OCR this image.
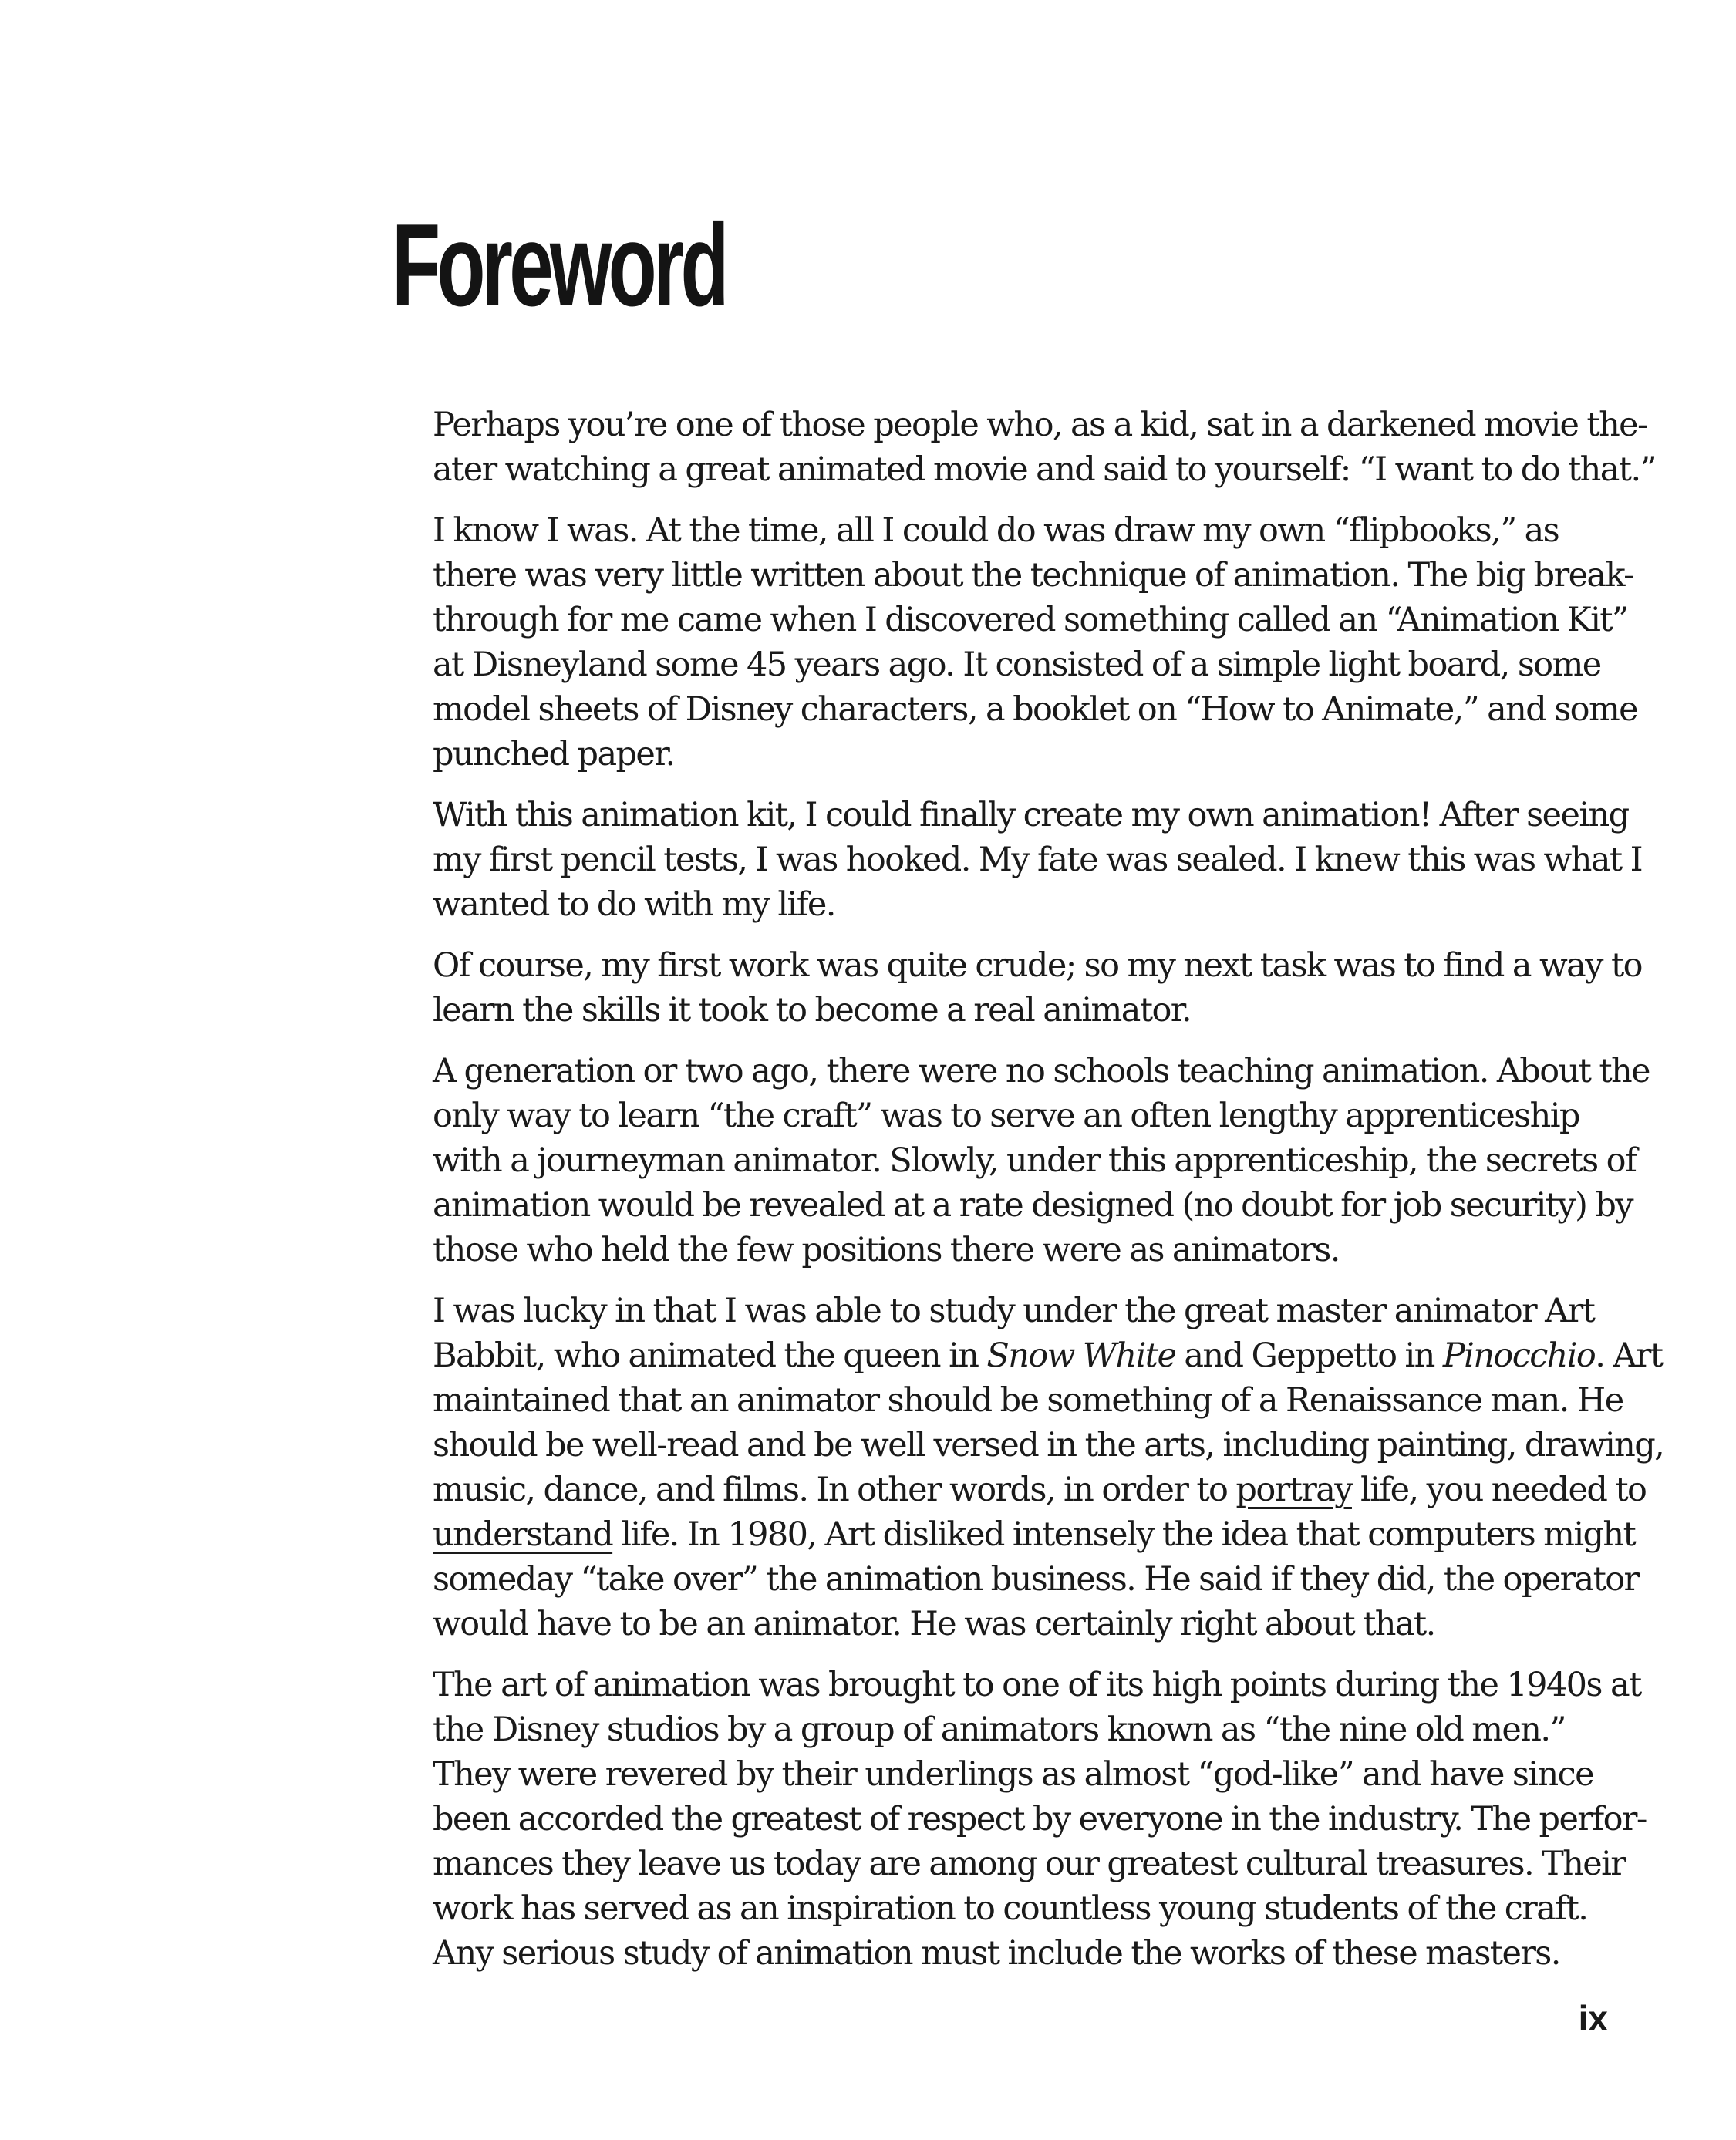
Foreword

Perhaps you’re one of those people who, as a kid, sat in a darkened movie the-
ater watching a great animated movie and said to yourself: “I want to do that.”

I know I was. At the time, all I could do was draw my own “flipbooks,” as
there was very little written about the technique of animation. The big break-
through for me came when I discovered something called an “Animation Kit”
at Disneyland some 45 years ago. It consisted of a simple light board, some
model sheets of Disney characters, a booklet on “How to Animate,” and some
punched paper.

With this animation kit, I could finally create my own animation! After seeing
my first pencil tests, I was hooked. My fate was sealed. I knew this was what I
wanted to do with my life.

Of course, my first work was quite crude; so my next task was to find a way to
learn the skills it took to become a real animator.

A generation or two ago, there were no schools teaching animation. About the
only way to learn “the craft” was to serve an often lengthy apprenticeship
with a journeyman animator. Slowly, under this apprenticeship, the secrets of
animation would be revealed at a rate designed (no doubt for job security) by
those who held the few positions there were as animators.

I was lucky in that I was able to study under the great master animator Art
Babbit, who animated the queen in Snow White and Geppetto in Pinocchio. Art
maintained that an animator should be something of a Renaissance man. He
should be well-read and be well versed in the arts, including painting, drawing,
music, dance, and films. In other words, in order to portray life, you needed to
understand life. In 1980, Art disliked intensely the idea that computers might
someday “take over” the animation business. He said if they did, the operator
would have to be an animator. He was certainly right about that.

The art of animation was brought to one of its high points during the 1940s at
the Disney studios by a group of animators known as “the nine old men.”
They were revered by their underlings as almost “god-like” and have since
been accorded the greatest of respect by everyone in the industry. The perfor-
mances they leave us today are among our greatest cultural treasures. Their
work has served as an inspiration to countless young students of the craft.
Any serious study of animation must include the works of these masters.

ix
